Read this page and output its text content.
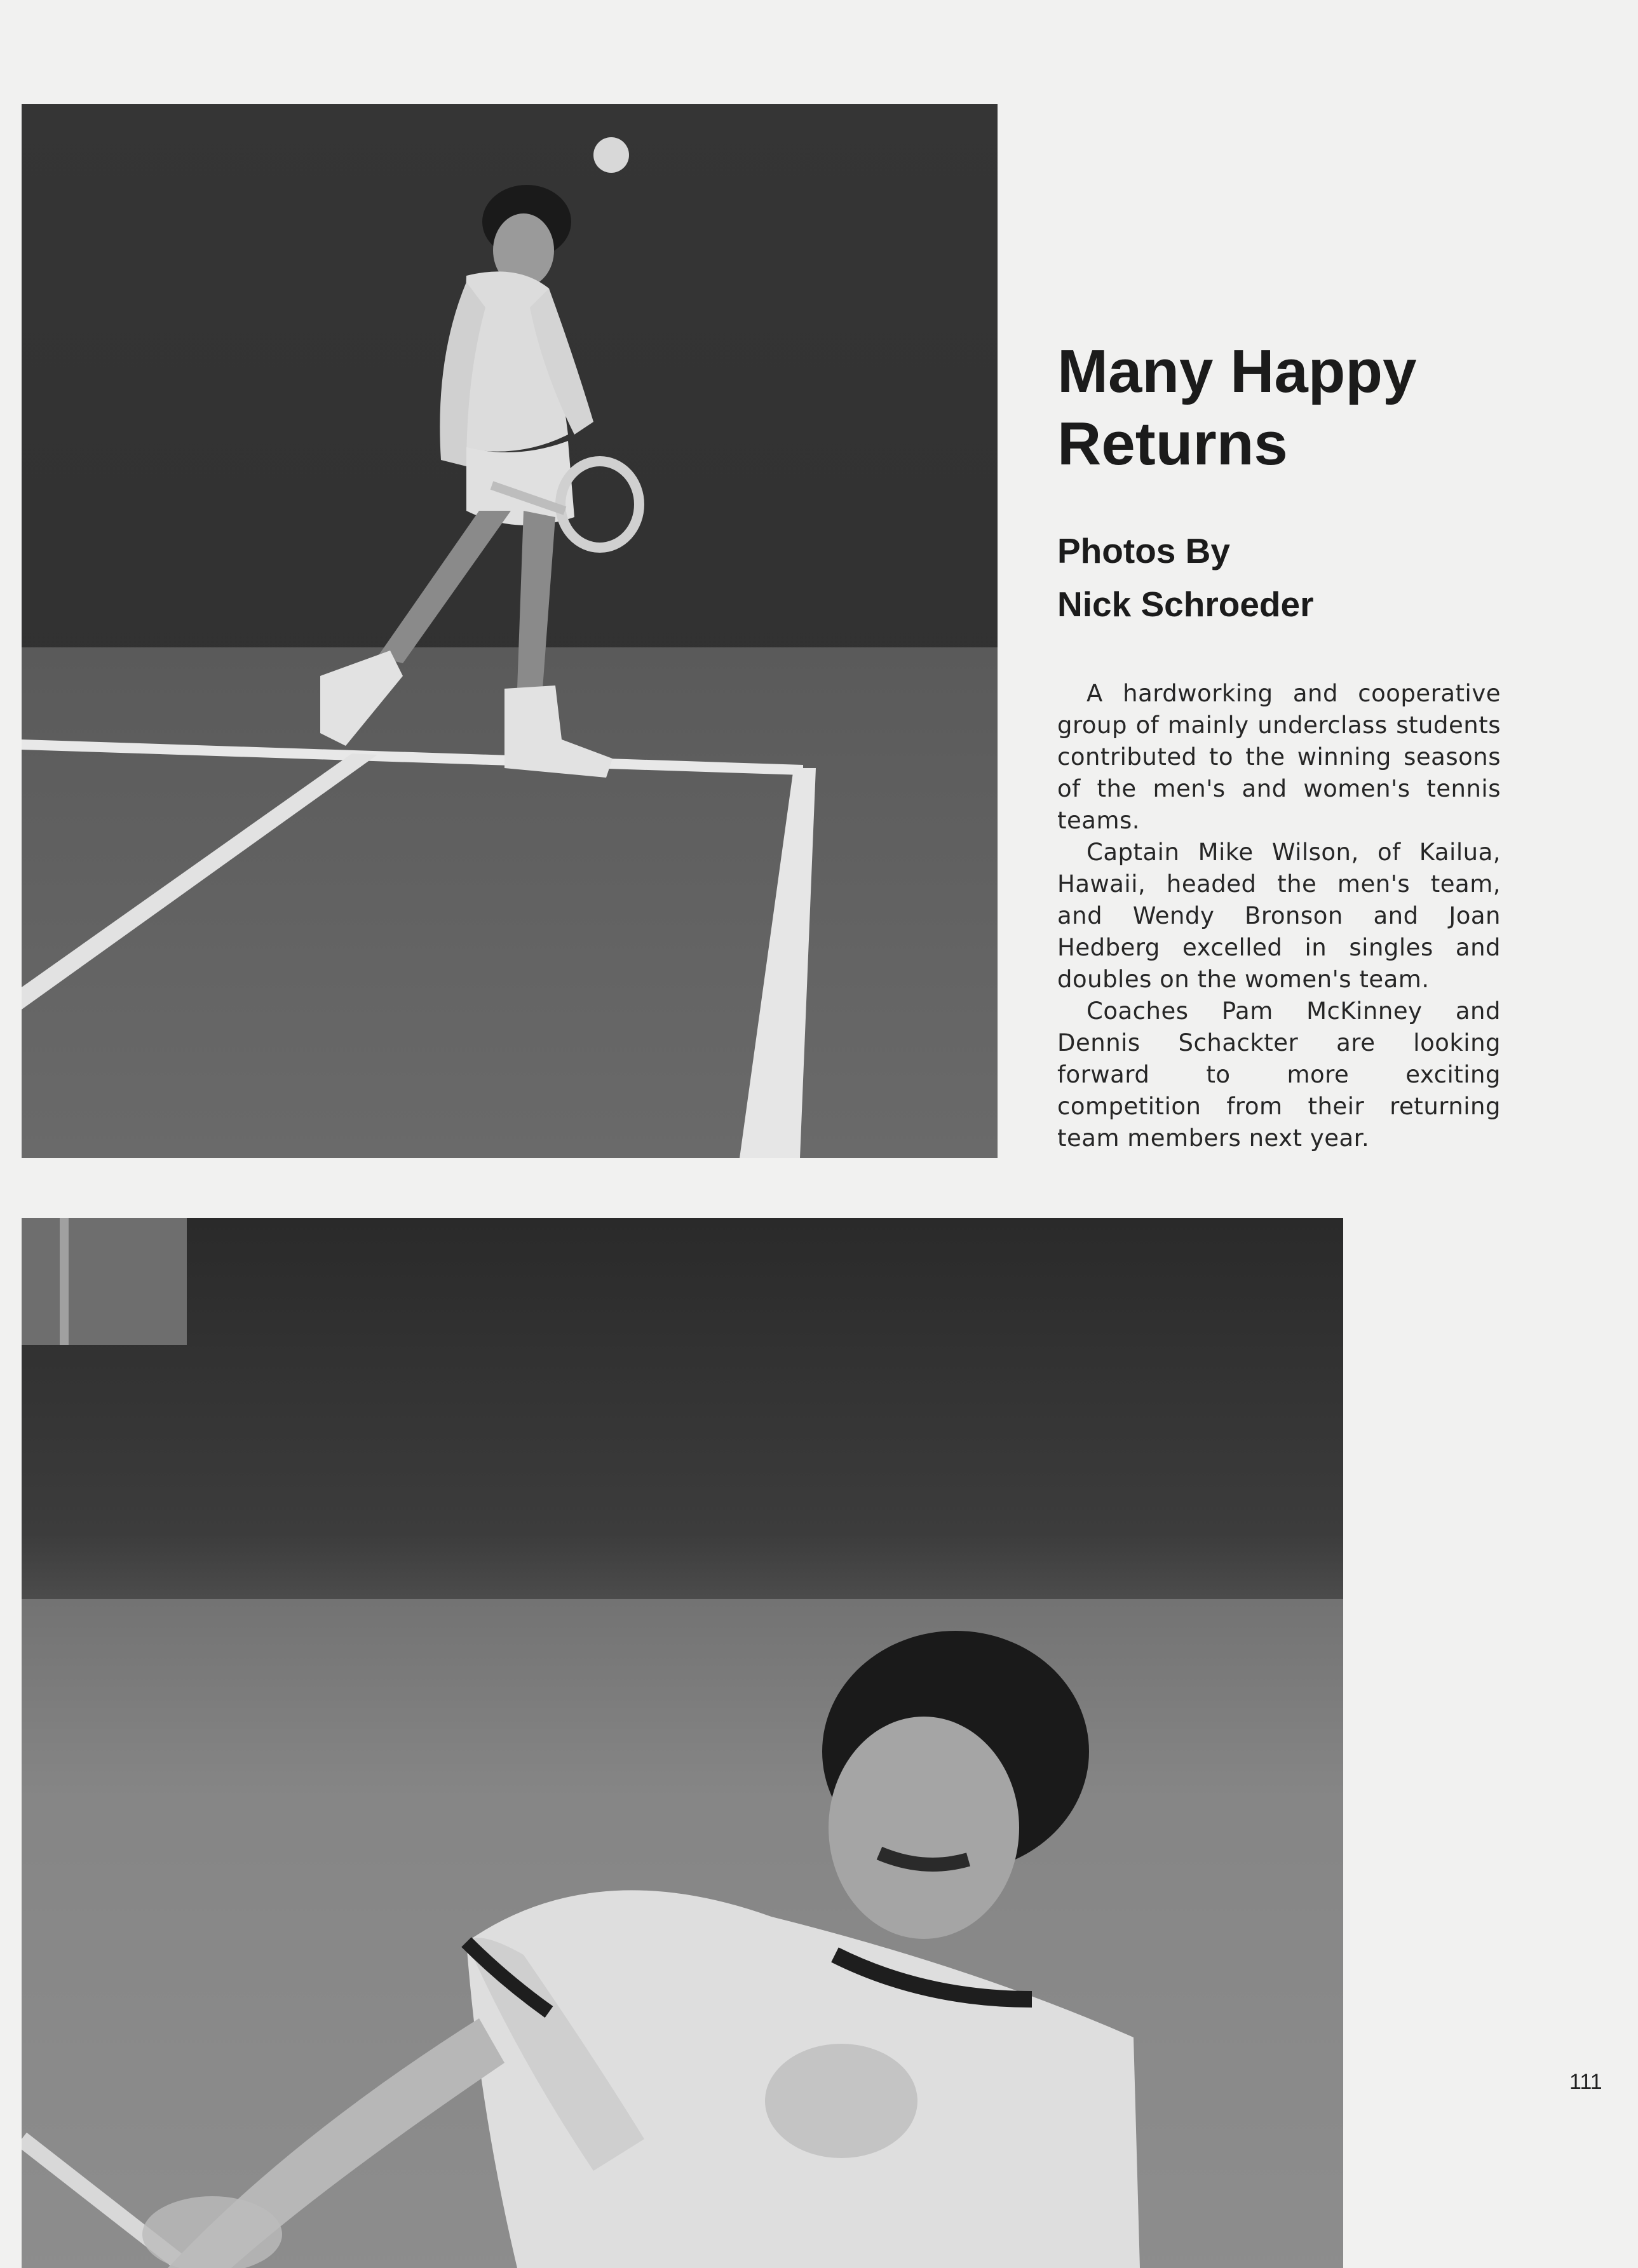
Many Happy Returns
Photos By
Nick Schroeder

A hardworking and cooperative group of mainly underclass students contributed to the winning seasons of the men's and women's tennis teams.

Captain Mike Wilson, of Kailua, Hawaii, headed the men's team, and Wendy Bronson and Joan Hedberg excelled in singles and doubles on the women's team.

Coaches Pam McKinney and Dennis Schackter are looking forward to more exciting competition from their returning team members next year.

111
